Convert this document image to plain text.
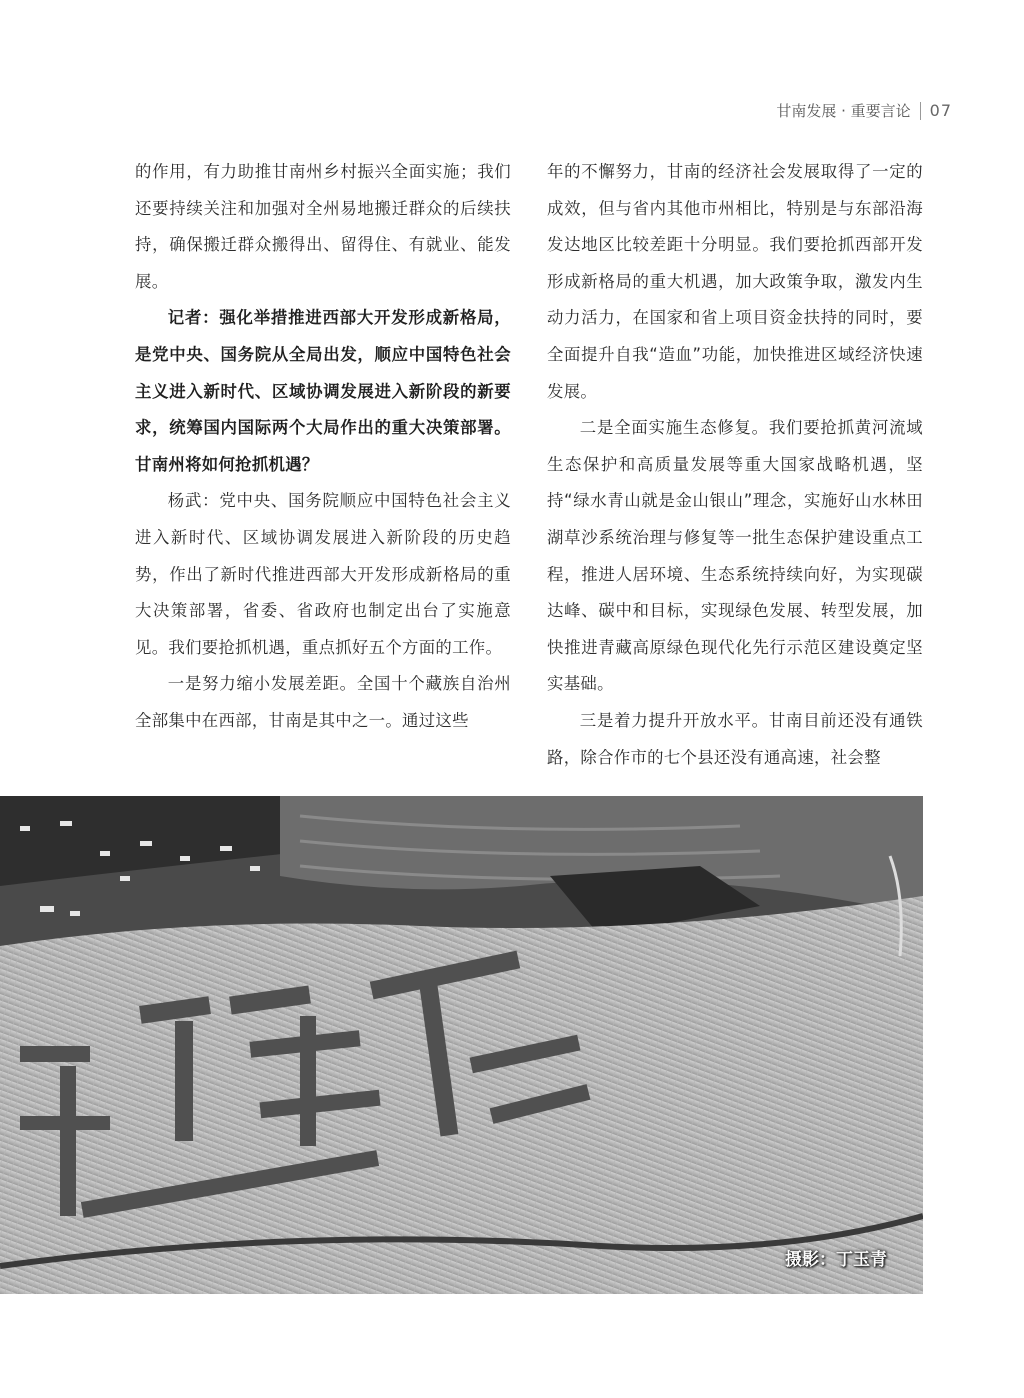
甘南发展 · 重要言论 07

的作用，有力助推甘南州乡村振兴全面实施；我们还要持续关注和加强对全州易地搬迁群众的后续扶持，确保搬迁群众搬得出、留得住、有就业、能发展。

记者：强化举措推进西部大开发形成新格局，是党中央、国务院从全局出发，顺应中国特色社会主义进入新时代、区域协调发展进入新阶段的新要求，统筹国内国际两个大局作出的重大决策部署。甘南州将如何抢抓机遇？

杨武：党中央、国务院顺应中国特色社会主义进入新时代、区域协调发展进入新阶段的历史趋势，作出了新时代推进西部大开发形成新格局的重大决策部署，省委、省政府也制定出台了实施意见。我们要抢抓机遇，重点抓好五个方面的工作。

一是努力缩小发展差距。全国十个藏族自治州全部集中在西部，甘南是其中之一。通过这些

年的不懈努力，甘南的经济社会发展取得了一定的成效，但与省内其他市州相比，特别是与东部沿海发达地区比较差距十分明显。我们要抢抓西部开发形成新格局的重大机遇，加大政策争取，激发内生动力活力，在国家和省上项目资金扶持的同时，要全面提升自我“造血”功能，加快推进区域经济快速发展。

二是全面实施生态修复。我们要抢抓黄河流域生态保护和高质量发展等重大国家战略机遇，坚持“绿水青山就是金山银山”理念，实施好山水林田湖草沙系统治理与修复等一批生态保护建设重点工程，推进人居环境、生态系统持续向好，为实现碳达峰、碳中和目标，实现绿色发展、转型发展，加快推进青藏高原绿色现代化先行示范区建设奠定坚实基础。

三是着力提升开放水平。甘南目前还没有通铁路，除合作市的七个县还没有通高速，社会整

摄影：丁玉青
